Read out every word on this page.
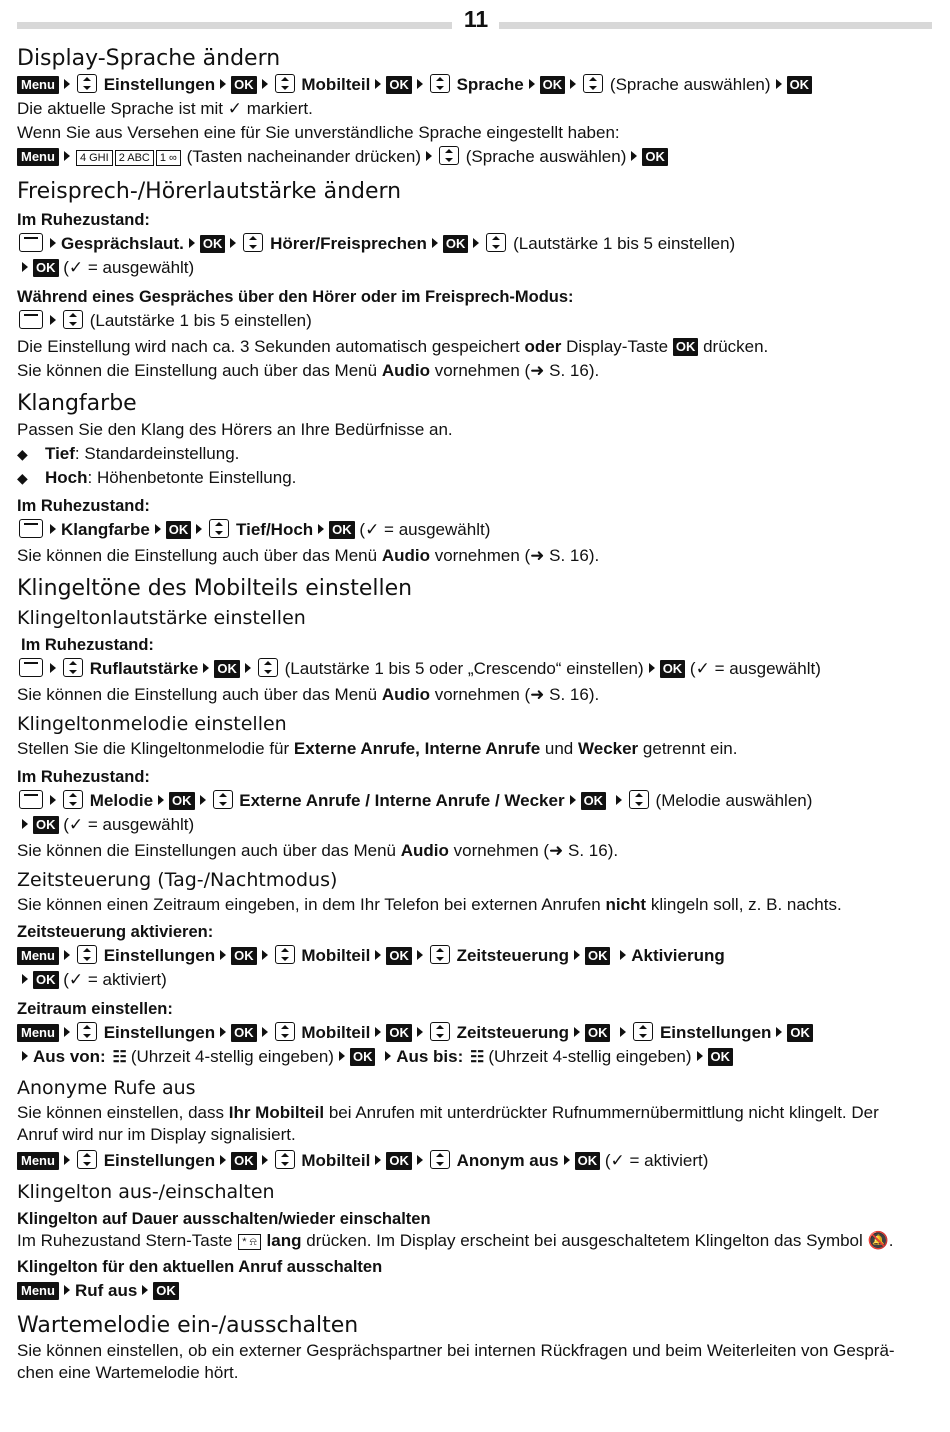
11
Display-Sprache ändern
Menu	Einstellungen OK	Mobilteil OK	Sprache OK	(Sprache auswählen) OK
Die aktuelle Sprache ist mit ✓ markiert.
Wenn Sie aus Versehen eine für Sie unverständliche Sprache eingestellt haben:
Menu 4 GHI 2 ABC 1 ∞ (Tasten nacheinander drücken)	(Sprache auswählen) OK
Freisprech-/Hörerlautstärke ändern
Im Ruhezustand:
Gesprächslaut. OK	Hörer/Freisprechen OK	(Lautstärke 1 bis 5 einstellen)
OK (✓ = ausgewählt)
Während eines Gespräches über den Hörer oder im Freisprech-Modus:
(Lautstärke 1 bis 5 einstellen)
Die Einstellung wird nach ca. 3 Sekunden automatisch gespeichert oder Display-Taste OK drücken.
Sie können die Einstellung auch über das Menü Audio vornehmen (➜ S. 16).
Klangfarbe
Passen Sie den Klang des Hörers an Ihre Bedürfnisse an.
◆Tief: Standardeinstellung.
◆Hoch: Höhenbetonte Einstellung.
Im Ruhezustand:
Klangfarbe OK	Tief/Hoch OK (✓ = ausgewählt)
Sie können die Einstellung auch über das Menü Audio vornehmen (➜ S. 16).
Klingeltöne des Mobilteils einstellen
Klingeltonlautstärke einstellen
Im Ruhezustand:
Ruflautstärke OK	(Lautstärke 1 bis 5 oder „Crescendo“ einstellen) OK (✓ = ausgewählt)
Sie können die Einstellung auch über das Menü Audio vornehmen (➜ S. 16).
Klingeltonmelodie einstellen
Stellen Sie die Klingeltonmelodie für Externe Anrufe, Interne Anrufe und Wecker getrennt ein.
Im Ruhezustand:
Melodie OK	Externe Anrufe / Interne Anrufe / Wecker OK	(Melodie auswählen)
OK (✓ = ausgewählt)
Sie können die Einstellungen auch über das Menü Audio vornehmen (➜ S. 16).
Zeitsteuerung (Tag-/Nachtmodus)
Sie können einen Zeitraum eingeben, in dem Ihr Telefon bei externen Anrufen nicht klingeln soll, z. B. nachts.
Zeitsteuerung aktivieren:
Menu	Einstellungen OK	Mobilteil OK	Zeitsteuerung OK Aktivierung
OK (✓ = aktiviert)
Zeitraum einstellen:
Menu	Einstellungen OK	Mobilteil OK	Zeitsteuerung OK	Einstellungen OK
Aus von: ☷ (Uhrzeit 4-stellig eingeben) OK Aus bis: ☷ (Uhrzeit 4-stellig eingeben) OK
Anonyme Rufe aus
Sie können einstellen, dass Ihr Mobilteil bei Anrufen mit unterdrückter Rufnummernübermittlung nicht klingelt. Der
Anruf wird nur im Display signalisiert.
Menu	Einstellungen OK	Mobilteil OK	Anonym aus OK (✓ = aktiviert)
Klingelton aus-/einschalten
Klingelton auf Dauer ausschalten/wieder einschalten
Im Ruhezustand Stern-Taste * ⍾ lang drücken. Im Display erscheint bei ausgeschaltetem Klingelton das Symbol 🔕.
Klingelton für den aktuellen Anruf ausschalten
Menu Ruf aus OK
Wartemelodie ein-/ausschalten
Sie können einstellen, ob ein externer Gesprächspartner bei internen Rückfragen und beim Weiterleiten von Gesprä-
chen eine Wartemelodie hört.
